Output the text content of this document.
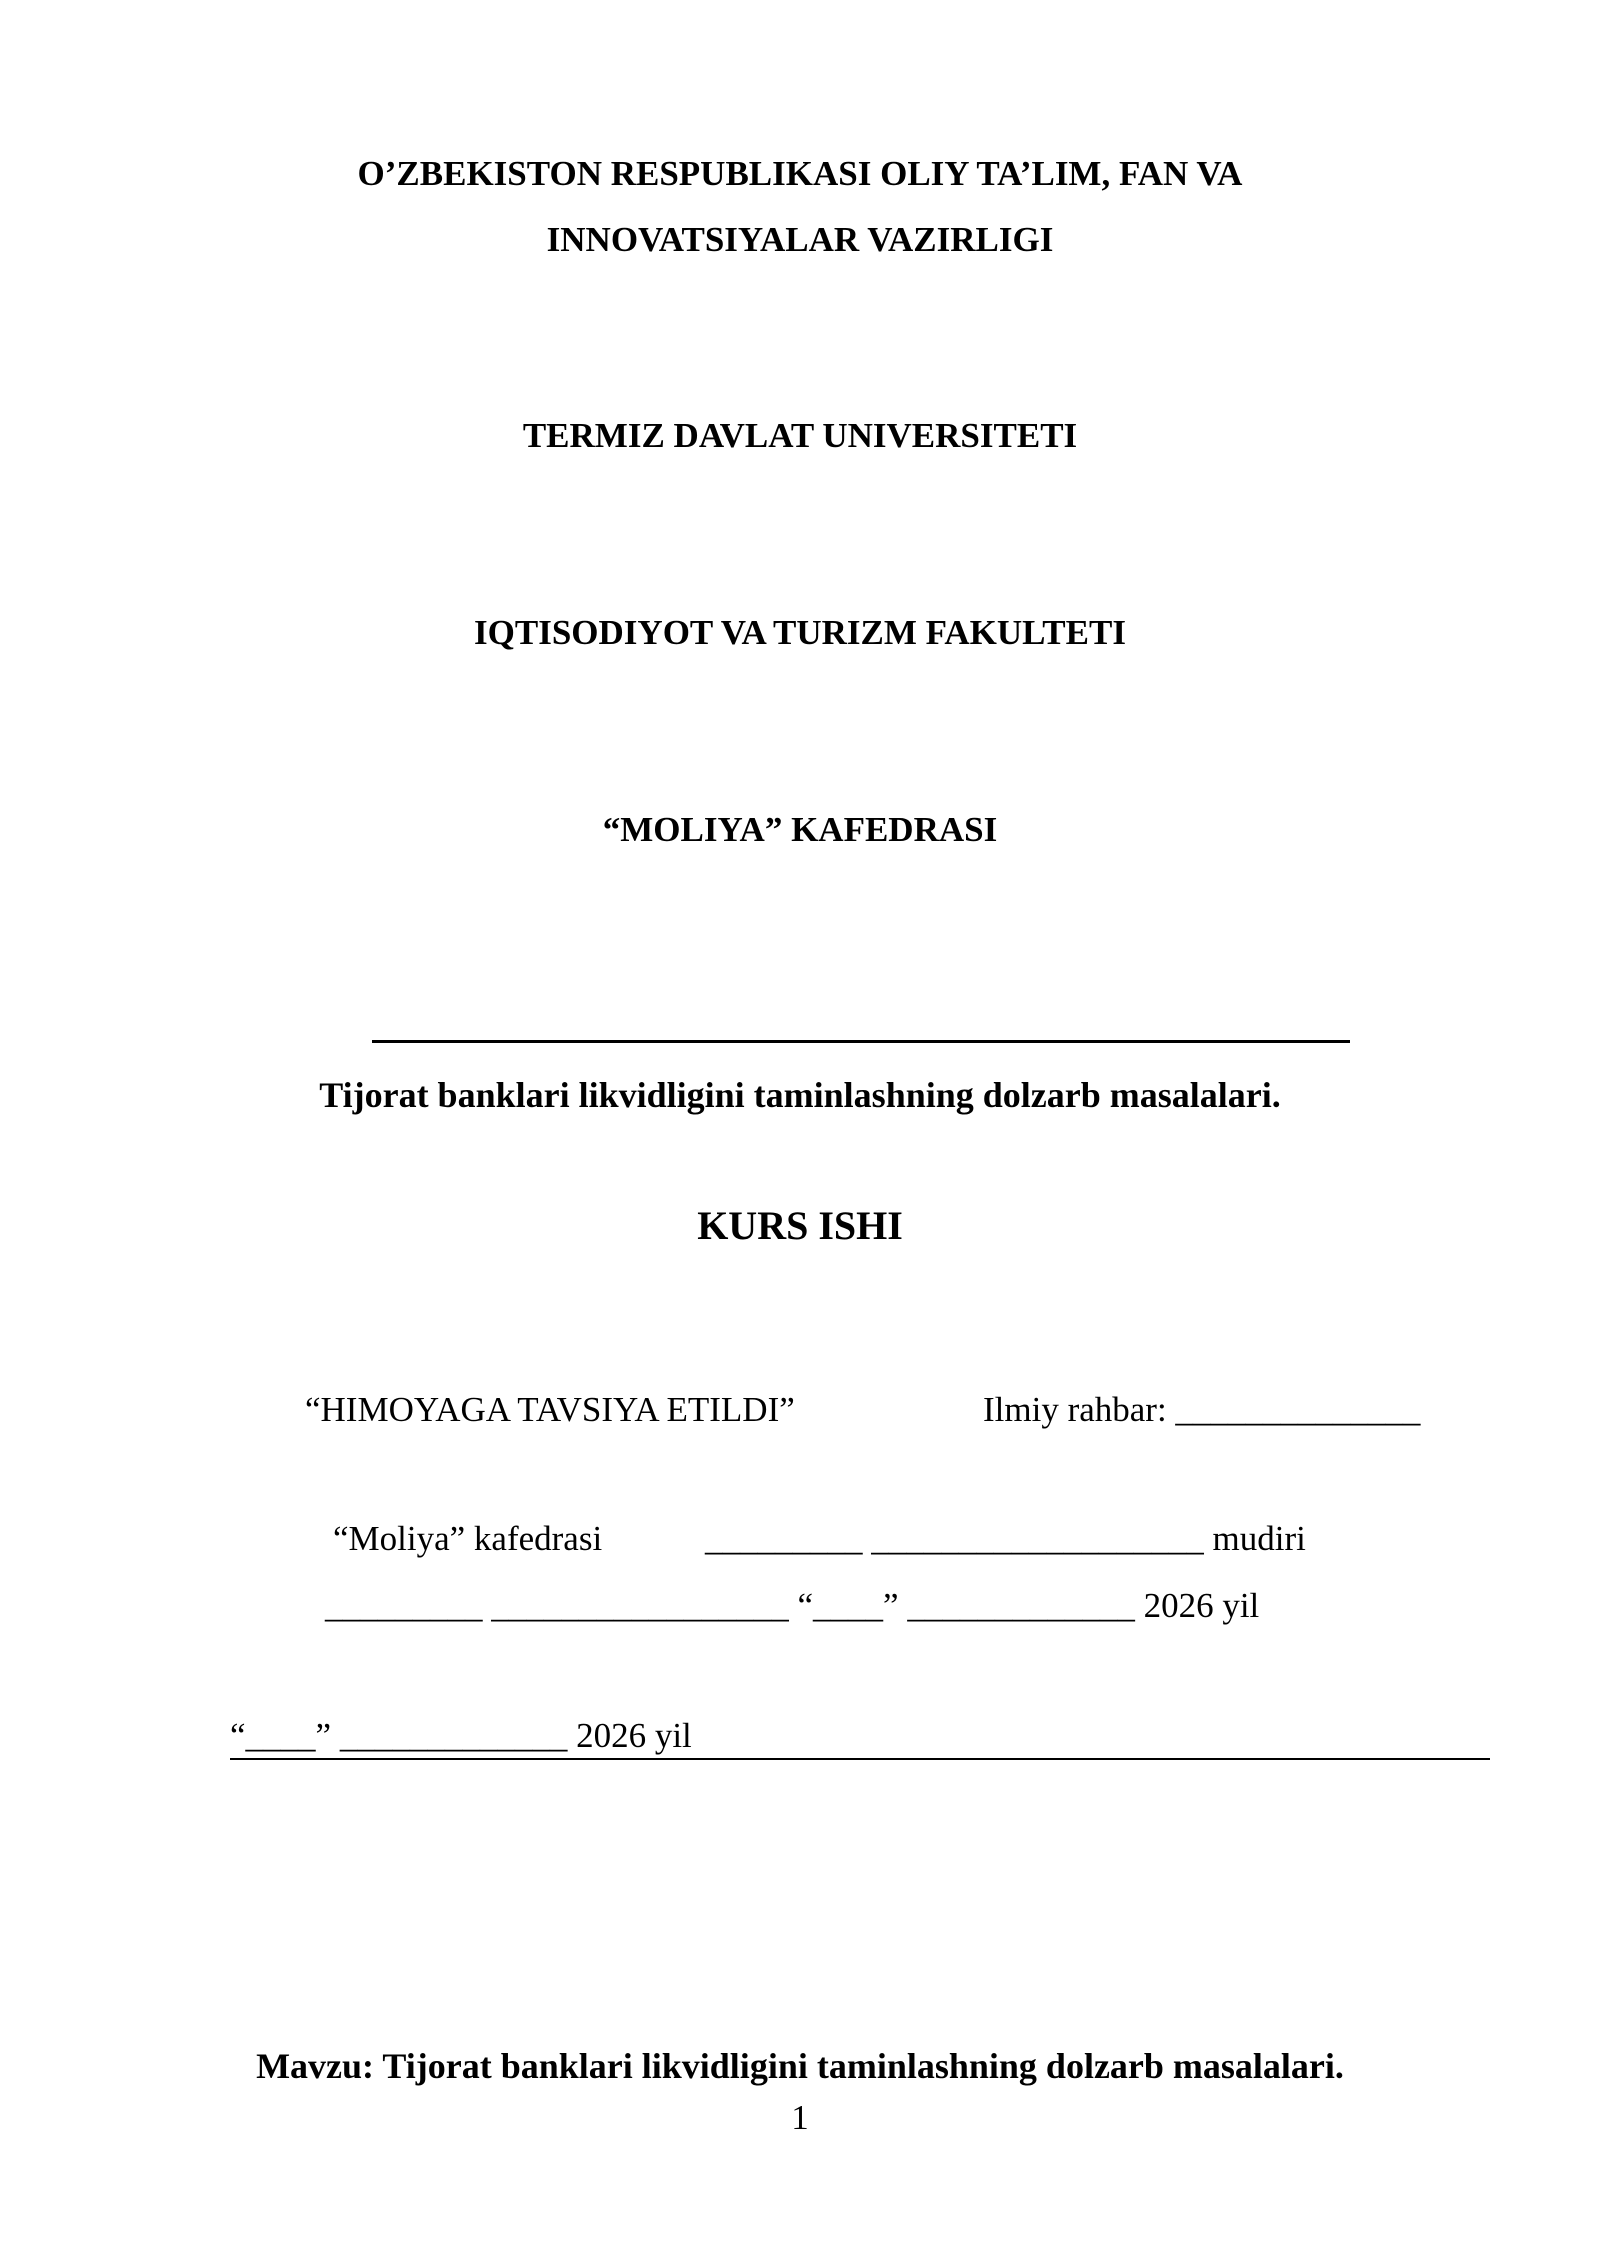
O’ZBEKISTON RESPUBLIKASI OLIY TA’LIM, FAN VA
INNOVATSIYALAR VAZIRLIGI
TERMIZ DAVLAT UNIVERSITETI
IQTISODIYOT VA TURIZM FAKULTETI
“MOLIYA” KAFEDRASI
Tijorat banklari likvidligini taminlashning dolzarb masalalari.
KURS ISHI
“HIMOYAGA TAVSIYA ETILDI”	Ilmiy rahbar: ______________
“Moliya” kafedrasi	_________ ___________________ mudiri
_________ _________________ “____” _____________ 2026 yil
“____” _____________ 2026 yil
Mavzu: Tijorat banklari likvidligini taminlashning dolzarb masalalari.
1
